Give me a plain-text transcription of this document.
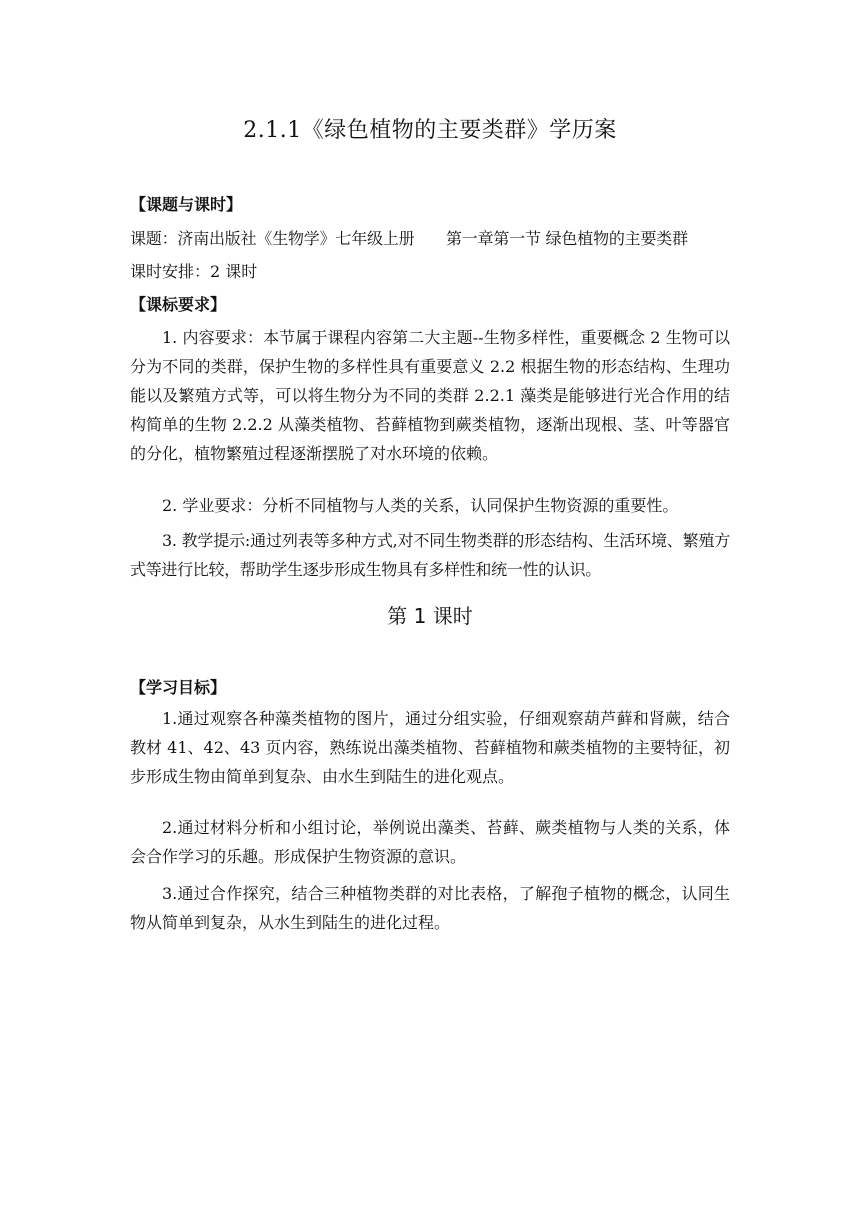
2.1.1《绿色植物的主要类群》学历案
【课题与课时】
课题：济南出版社《生物学》七年级上册　　第一章第一节 绿色植物的主要类群
课时安排：2 课时
【课标要求】
1. 内容要求：本节属于课程内容第二大主题--生物多样性，重要概念 2 生物可以分为不同的类群，保护生物的多样性具有重要意义 2.2 根据生物的形态结构、生理功能以及繁殖方式等，可以将生物分为不同的类群 2.2.1 藻类是能够进行光合作用的结构简单的生物 2.2.2 从藻类植物、苔藓植物到蕨类植物，逐渐出现根、茎、叶等器官的分化，植物繁殖过程逐渐摆脱了对水环境的依赖。
2. 学业要求：分析不同植物与人类的关系，认同保护生物资源的重要性。
3. 教学提示:通过列表等多种方式,对不同生物类群的形态结构、生活环境、繁殖方式等进行比较，帮助学生逐步形成生物具有多样性和统一性的认识。
第 1 课时
【学习目标】
1.通过观察各种藻类植物的图片，通过分组实验，仔细观察葫芦藓和肾蕨，结合教材 41、42、43 页内容，熟练说出藻类植物、苔藓植物和蕨类植物的主要特征，初步形成生物由简单到复杂、由水生到陆生的进化观点。
2.通过材料分析和小组讨论，举例说出藻类、苔藓、蕨类植物与人类的关系，体会合作学习的乐趣。形成保护生物资源的意识。
3.通过合作探究，结合三种植物类群的对比表格，了解孢子植物的概念，认同生物从简单到复杂，从水生到陆生的进化过程。
